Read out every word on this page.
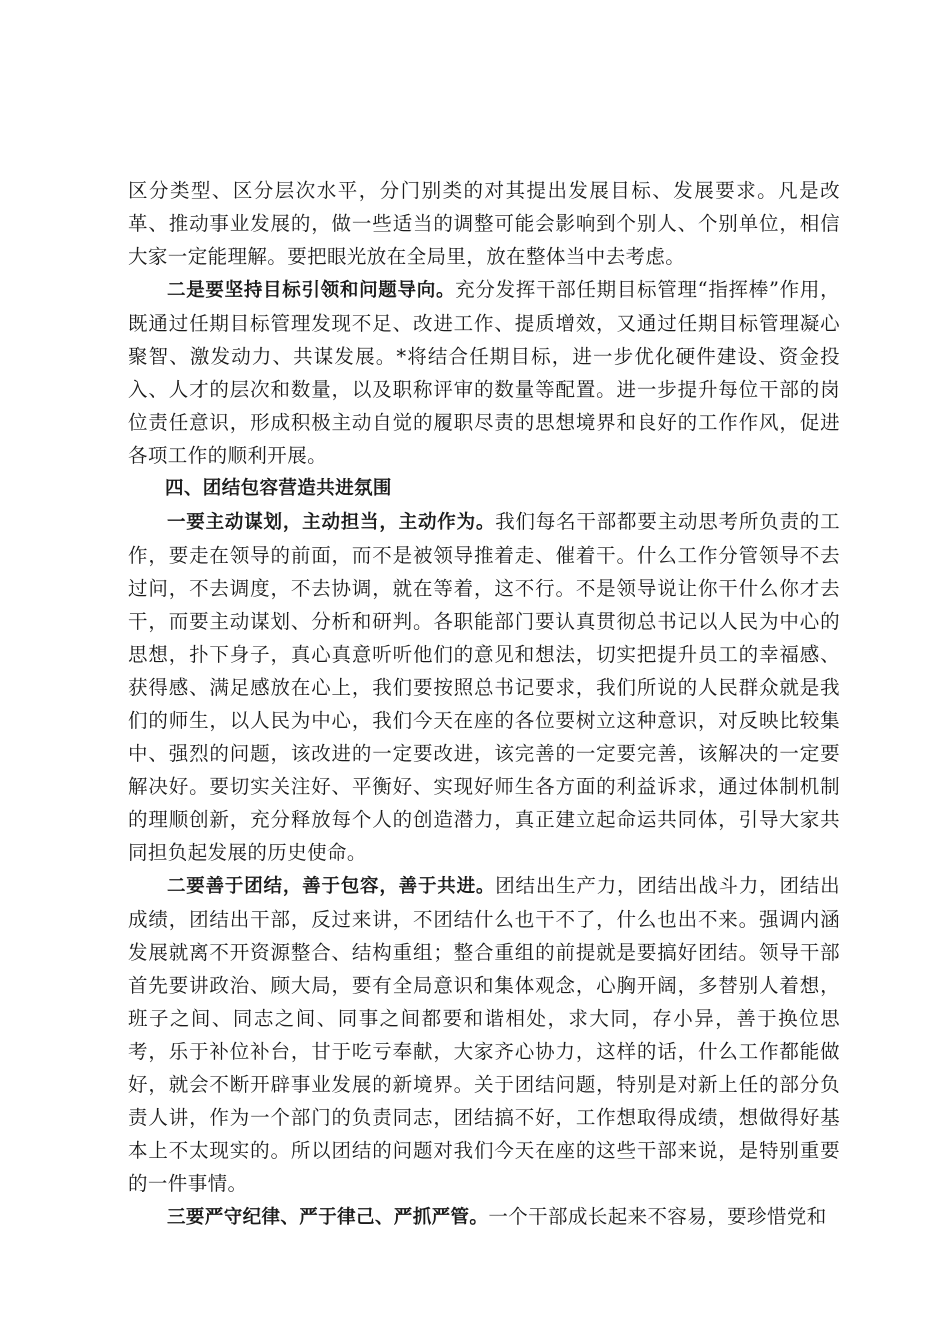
区分类型、区分层次水平，分门别类的对其提出发展目标、发展要求。凡是改革、推动事业发展的，做一些适当的调整可能会影响到个别人、个别单位，相信大家一定能理解。要把眼光放在全局里，放在整体当中去考虑。

二是要坚持目标引领和问题导向。充分发挥干部任期目标管理“指挥棒”作用，既通过任期目标管理发现不足、改进工作、提质增效，又通过任期目标管理凝心聚智、激发动力、共谋发展。*将结合任期目标，进一步优化硬件建设、资金投入、人才的层次和数量，以及职称评审的数量等配置。进一步提升每位干部的岗位责任意识，形成积极主动自觉的履职尽责的思想境界和良好的工作作风，促进各项工作的顺利开展。

四、团结包容营造共进氛围

一要主动谋划，主动担当，主动作为。我们每名干部都要主动思考所负责的工作，要走在领导的前面，而不是被领导推着走、催着干。什么工作分管领导不去过问，不去调度，不去协调，就在等着，这不行。不是领导说让你干什么你才去干，而要主动谋划、分析和研判。各职能部门要认真贯彻总书记以人民为中心的思想，扑下身子，真心真意听听他们的意见和想法，切实把提升员工的幸福感、获得感、满足感放在心上，我们要按照总书记要求，我们所说的人民群众就是我们的师生，以人民为中心，我们今天在座的各位要树立这种意识，对反映比较集中、强烈的问题，该改进的一定要改进，该完善的一定要完善，该解决的一定要解决好。要切实关注好、平衡好、实现好师生各方面的利益诉求，通过体制机制的理顺创新，充分释放每个人的创造潜力，真正建立起命运共同体，引导大家共同担负起发展的历史使命。

二要善于团结，善于包容，善于共进。团结出生产力，团结出战斗力，团结出成绩，团结出干部，反过来讲，不团结什么也干不了，什么也出不来。强调内涵发展就离不开资源整合、结构重组；整合重组的前提就是要搞好团结。领导干部首先要讲政治、顾大局，要有全局意识和集体观念，心胸开阔，多替别人着想，班子之间、同志之间、同事之间都要和谐相处，求大同，存小异，善于换位思考，乐于补位补台，甘于吃亏奉献，大家齐心协力，这样的话，什么工作都能做好，就会不断开辟事业发展的新境界。关于团结问题，特别是对新上任的部分负责人讲，作为一个部门的负责同志，团结搞不好，工作想取得成绩，想做得好基本上不太现实的。所以团结的问题对我们今天在座的这些干部来说，是特别重要的一件事情。

三要严守纪律、严于律己、严抓严管。一个干部成长起来不容易，要珍惜党和
